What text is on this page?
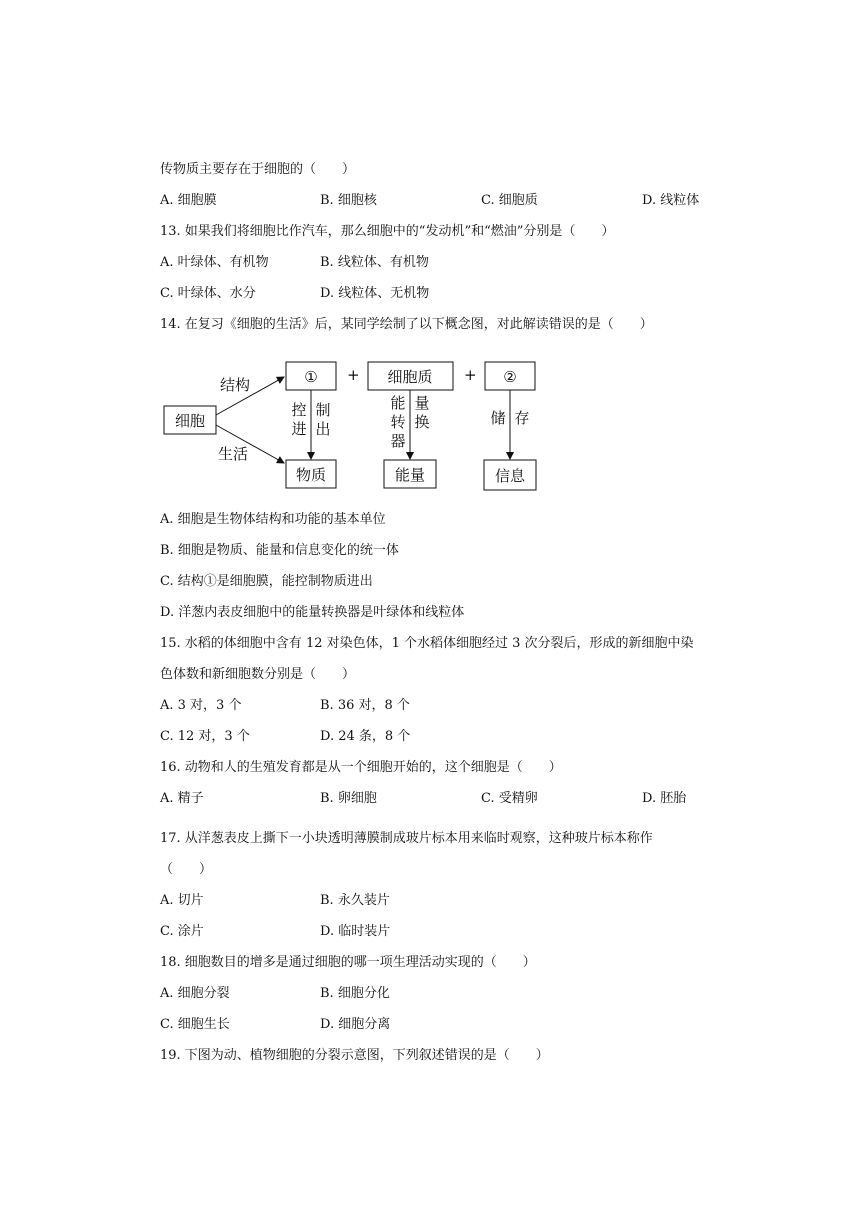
传物质主要存在于细胞的（　　）
A. 细胞膜	B. 细胞核	C. 细胞质	D. 线粒体
13. 如果我们将细胞比作汽车，那么细胞中的“发动机”和“燃油”分别是（　　）
A. 叶绿体、有机物	B. 线粒体、有机物
C. 叶绿体、水分	D. 线粒体、无机物
14. 在复习《细胞的生活》后，某同学绘制了以下概念图，对此解读错误的是（　　）
细胞
结构
生活
① + 细胞质 + ②
控进
制出
能转器
量换	储 存
物质	能量	信息
A. 细胞是生物体结构和功能的基本单位
B. 细胞是物质、能量和信息变化的统一体
C. 结构①是细胞膜，能控制物质进出
D. 洋葱内表皮细胞中的能量转换器是叶绿体和线粒体
15. 水稻的体细胞中含有 12 对染色体，1 个水稻体细胞经过 3 次分裂后，形成的新细胞中染
色体数和新细胞数分别是（　　）
A. 3 对，3 个	B. 36 对，8 个
C. 12 对，3 个	D. 24 条，8 个
16. 动物和人的生殖发育都是从一个细胞开始的，这个细胞是（　　）
A. 精子	B. 卵细胞	C. 受精卵	D. 胚胎
17. 从洋葱表皮上撕下一小块透明薄膜制成玻片标本用来临时观察，这种玻片标本称作
（　　）
A. 切片	B. 永久装片
C. 涂片	D. 临时装片
18. 细胞数目的增多是通过细胞的哪一项生理活动实现的（　　）
A. 细胞分裂	B. 细胞分化
C. 细胞生长	D. 细胞分离
19. 下图为动、植物细胞的分裂示意图，下列叙述错误的是（　　）
